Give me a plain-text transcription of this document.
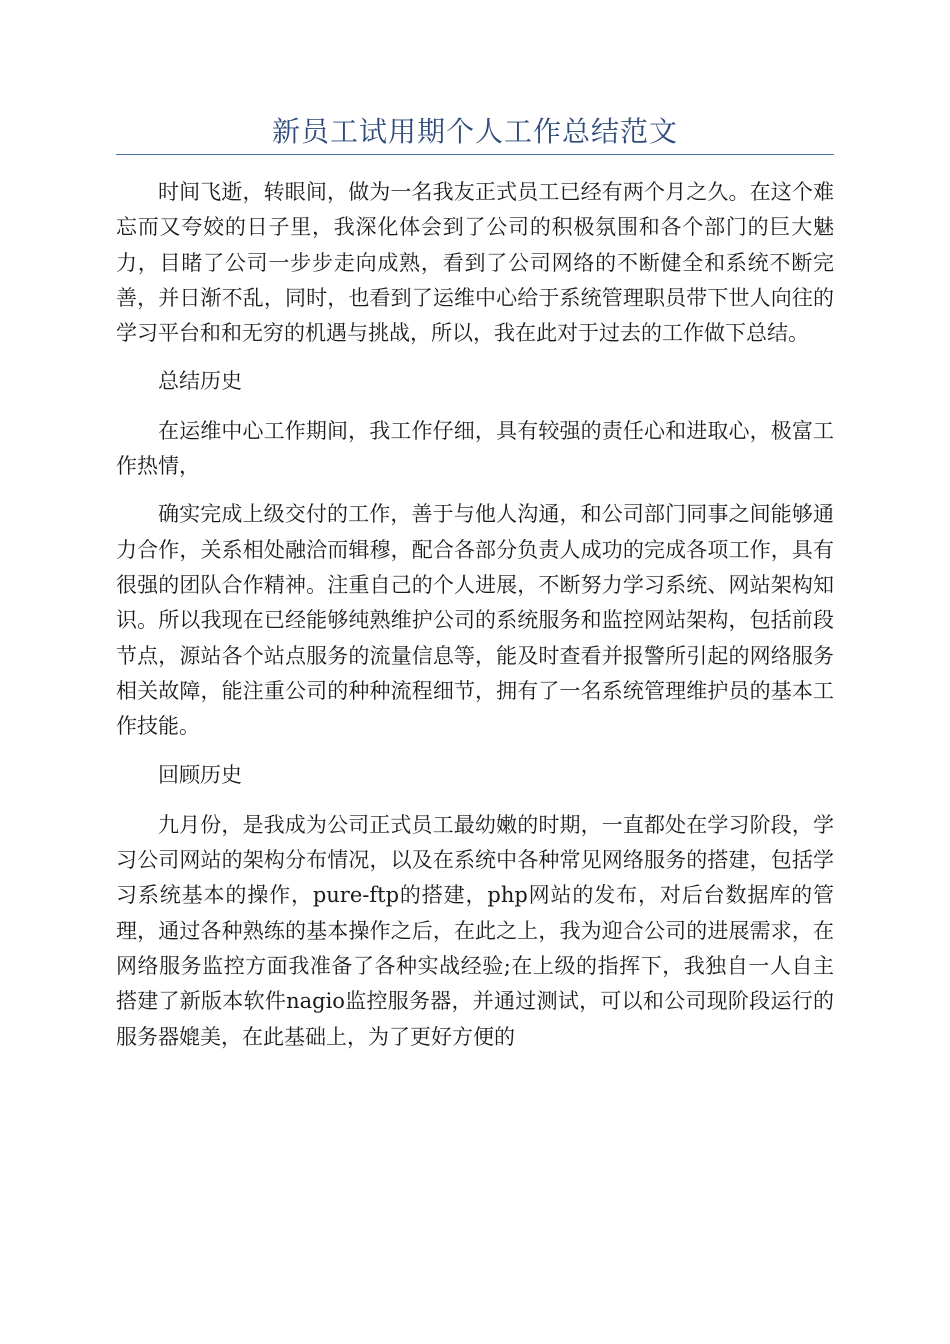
新员工试用期个人工作总结范文

时间飞逝，转眼间，做为一名我友正式员工已经有两个月之久。在这个难忘而又夸姣的日子里，我深化体会到了公司的积极氛围和各个部门的巨大魅力，目睹了公司一步步走向成熟，看到了公司网络的不断健全和系统不断完善，并日渐不乱，同时，也看到了运维中心给于系统管理职员带下世人向往的学习平台和和无穷的机遇与挑战，所以，我在此对于过去的工作做下总结。

总结历史

在运维中心工作期间，我工作仔细，具有较强的责任心和进取心，极富工作热情，

确实完成上级交付的工作，善于与他人沟通，和公司部门同事之间能够通力合作，关系相处融洽而辑穆，配合各部分负责人成功的完成各项工作，具有很强的团队合作精神。注重自己的个人进展，不断努力学习系统、网站架构知识。所以我现在已经能够纯熟维护公司的系统服务和监控网站架构，包括前段节点，源站各个站点服务的流量信息等，能及时查看并报警所引起的网络服务相关故障，能注重公司的种种流程细节，拥有了一名系统管理维护员的基本工作技能。

回顾历史

九月份，是我成为公司正式员工最幼嫩的时期，一直都处在学习阶段，学习公司网站的架构分布情况，以及在系统中各种常见网络服务的搭建，包括学习系统基本的操作，pure-ftp的搭建，php网站的发布，对后台数据库的管理，通过各种熟练的基本操作之后，在此之上，我为迎合公司的进展需求，在网络服务监控方面我准备了各种实战经验;在上级的指挥下，我独自一人自主搭建了新版本软件nagio监控服务器，并通过测试，可以和公司现阶段运行的服务器媲美，在此基础上，为了更好方便的
